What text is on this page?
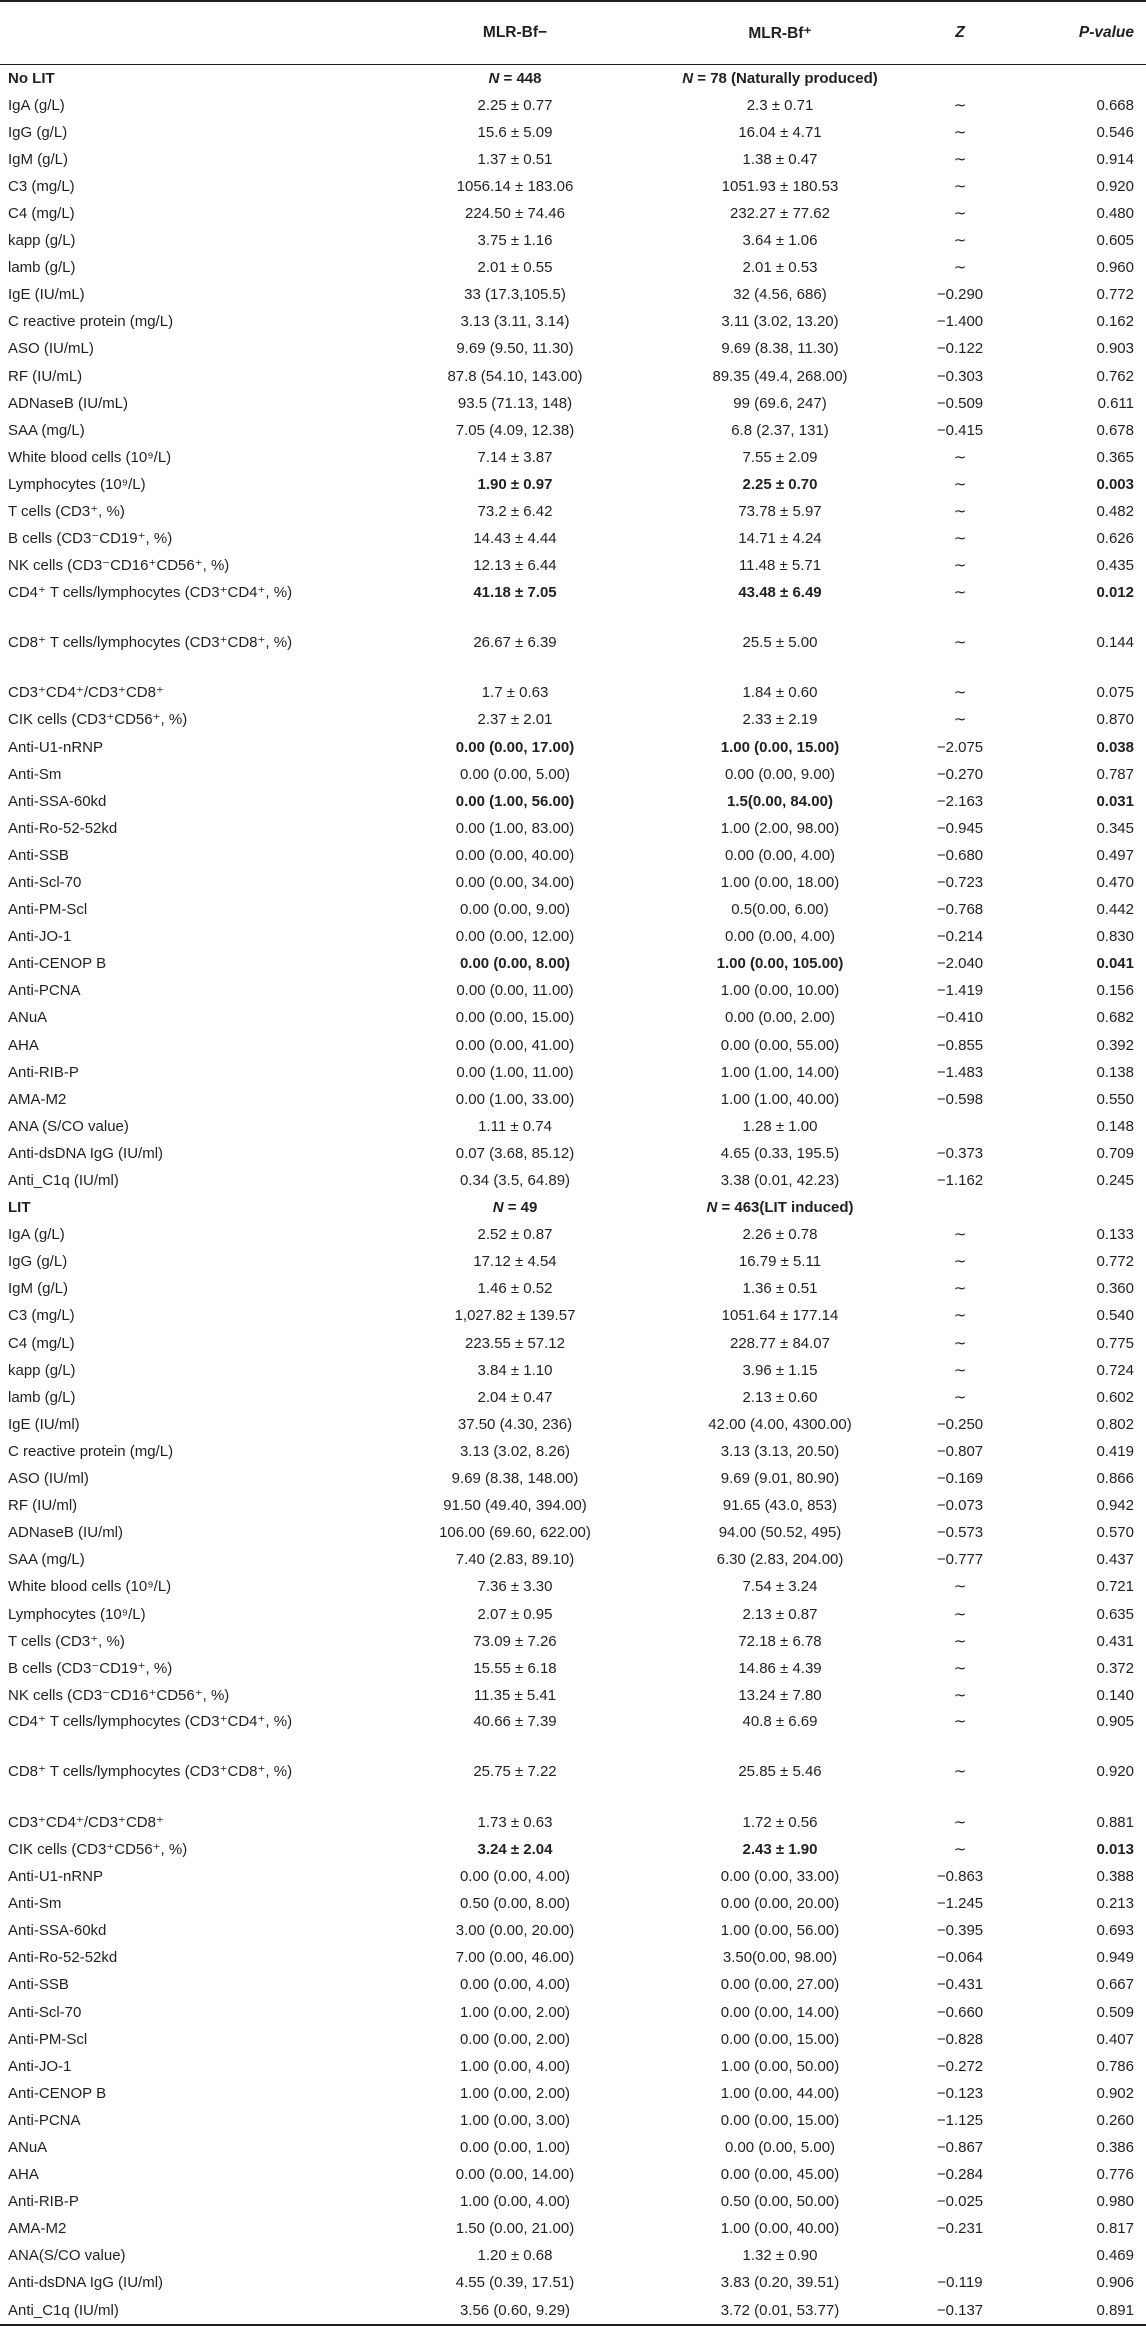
	MLR-Bf−	MLR-Bf⁺	Z	P-value
No LIT	N = 448	N = 78 (Naturally produced)		
IgA (g/L)	2.25 ± 0.77	2.3 ± 0.71	∼	0.668
IgG (g/L)	15.6 ± 5.09	16.04 ± 4.71	∼	0.546
IgM (g/L)	1.37 ± 0.51	1.38 ± 0.47	∼	0.914
C3 (mg/L)	1056.14 ± 183.06	1051.93 ± 180.53	∼	0.920
C4 (mg/L)	224.50 ± 74.46	232.27 ± 77.62	∼	0.480
kapp (g/L)	3.75 ± 1.16	3.64 ± 1.06	∼	0.605
lamb (g/L)	2.01 ± 0.55	2.01 ± 0.53	∼	0.960
IgE (IU/mL)	33 (17.3,105.5)	32 (4.56, 686)	−0.290	0.772
C reactive protein (mg/L)	3.13 (3.11, 3.14)	3.11 (3.02, 13.20)	−1.400	0.162
ASO (IU/mL)	9.69 (9.50, 11.30)	9.69 (8.38, 11.30)	−0.122	0.903
RF (IU/mL)	87.8 (54.10, 143.00)	89.35 (49.4, 268.00)	−0.303	0.762
ADNaseB (IU/mL)	93.5 (71.13, 148)	99 (69.6, 247)	−0.509	0.611
SAA (mg/L)	7.05 (4.09, 12.38)	6.8 (2.37, 131)	−0.415	0.678
White blood cells (10⁹/L)	7.14 ± 3.87	7.55 ± 2.09	∼	0.365
Lymphocytes (10⁹/L)	1.90 ± 0.97	2.25 ± 0.70	∼	0.003
T cells (CD3⁺, %)	73.2 ± 6.42	73.78 ± 5.97	∼	0.482
B cells (CD3⁻CD19⁺, %)	14.43 ± 4.44	14.71 ± 4.24	∼	0.626
NK cells (CD3⁻CD16⁺CD56⁺, %)	12.13 ± 6.44	11.48 ± 5.71	∼	0.435
CD4⁺ T cells/lymphocytes (CD3⁺CD4⁺, %)	41.18 ± 7.05	43.48 ± 6.49	∼	0.012
CD8⁺ T cells/lymphocytes (CD3⁺CD8⁺, %)	26.67 ± 6.39	25.5 ± 5.00	∼	0.144
CD3⁺CD4⁺/CD3⁺CD8⁺	1.7 ± 0.63	1.84 ± 0.60	∼	0.075
CIK cells (CD3⁺CD56⁺, %)	2.37 ± 2.01	2.33 ± 2.19	∼	0.870
Anti-U1-nRNP	0.00 (0.00, 17.00)	1.00 (0.00, 15.00)	−2.075	0.038
Anti-Sm	0.00 (0.00, 5.00)	0.00 (0.00, 9.00)	−0.270	0.787
Anti-SSA-60kd	0.00 (1.00, 56.00)	1.5(0.00, 84.00)	−2.163	0.031
Anti-Ro-52-52kd	0.00 (1.00, 83.00)	1.00 (2.00, 98.00)	−0.945	0.345
Anti-SSB	0.00 (0.00, 40.00)	0.00 (0.00, 4.00)	−0.680	0.497
Anti-Scl-70	0.00 (0.00, 34.00)	1.00 (0.00, 18.00)	−0.723	0.470
Anti-PM-Scl	0.00 (0.00, 9.00)	0.5(0.00, 6.00)	−0.768	0.442
Anti-JO-1	0.00 (0.00, 12.00)	0.00 (0.00, 4.00)	−0.214	0.830
Anti-CENOP B	0.00 (0.00, 8.00)	1.00 (0.00, 105.00)	−2.040	0.041
Anti-PCNA	0.00 (0.00, 11.00)	1.00 (0.00, 10.00)	−1.419	0.156
ANuA	0.00 (0.00, 15.00)	0.00 (0.00, 2.00)	−0.410	0.682
AHA	0.00 (0.00, 41.00)	0.00 (0.00, 55.00)	−0.855	0.392
Anti-RIB-P	0.00 (1.00, 11.00)	1.00 (1.00, 14.00)	−1.483	0.138
AMA-M2	0.00 (1.00, 33.00)	1.00 (1.00, 40.00)	−0.598	0.550
ANA (S/CO value)	1.11 ± 0.74	1.28 ± 1.00		0.148
Anti-dsDNA IgG (IU/ml)	0.07 (3.68, 85.12)	4.65 (0.33, 195.5)	−0.373	0.709
Anti_C1q (IU/ml)	0.34 (3.5, 64.89)	3.38 (0.01, 42.23)	−1.162	0.245
LIT	N = 49	N = 463(LIT induced)		
IgA (g/L)	2.52 ± 0.87	2.26 ± 0.78	∼	0.133
IgG (g/L)	17.12 ± 4.54	16.79 ± 5.11	∼	0.772
IgM (g/L)	1.46 ± 0.52	1.36 ± 0.51	∼	0.360
C3 (mg/L)	1,027.82 ± 139.57	1051.64 ± 177.14	∼	0.540
C4 (mg/L)	223.55 ± 57.12	228.77 ± 84.07	∼	0.775
kapp (g/L)	3.84 ± 1.10	3.96 ± 1.15	∼	0.724
lamb (g/L)	2.04 ± 0.47	2.13 ± 0.60	∼	0.602
IgE (IU/ml)	37.50 (4.30, 236)	42.00 (4.00, 4300.00)	−0.250	0.802
C reactive protein (mg/L)	3.13 (3.02, 8.26)	3.13 (3.13, 20.50)	−0.807	0.419
ASO (IU/ml)	9.69 (8.38, 148.00)	9.69 (9.01, 80.90)	−0.169	0.866
RF (IU/ml)	91.50 (49.40, 394.00)	91.65 (43.0, 853)	−0.073	0.942
ADNaseB (IU/ml)	106.00 (69.60, 622.00)	94.00 (50.52, 495)	−0.573	0.570
SAA (mg/L)	7.40 (2.83, 89.10)	6.30 (2.83, 204.00)	−0.777	0.437
White blood cells (10⁹/L)	7.36 ± 3.30	7.54 ± 3.24	∼	0.721
Lymphocytes (10⁹/L)	2.07 ± 0.95	2.13 ± 0.87	∼	0.635
T cells (CD3⁺, %)	73.09 ± 7.26	72.18 ± 6.78	∼	0.431
B cells (CD3⁻CD19⁺, %)	15.55 ± 6.18	14.86 ± 4.39	∼	0.372
NK cells (CD3⁻CD16⁺CD56⁺, %)	11.35 ± 5.41	13.24 ± 7.80	∼	0.140
CD4⁺ T cells/lymphocytes (CD3⁺CD4⁺, %)	40.66 ± 7.39	40.8 ± 6.69	∼	0.905
CD8⁺ T cells/lymphocytes (CD3⁺CD8⁺, %)	25.75 ± 7.22	25.85 ± 5.46	∼	0.920
CD3⁺CD4⁺/CD3⁺CD8⁺	1.73 ± 0.63	1.72 ± 0.56	∼	0.881
CIK cells (CD3⁺CD56⁺, %)	3.24 ± 2.04	2.43 ± 1.90	∼	0.013
Anti-U1-nRNP	0.00 (0.00, 4.00)	0.00 (0.00, 33.00)	−0.863	0.388
Anti-Sm	0.50 (0.00, 8.00)	0.00 (0.00, 20.00)	−1.245	0.213
Anti-SSA-60kd	3.00 (0.00, 20.00)	1.00 (0.00, 56.00)	−0.395	0.693
Anti-Ro-52-52kd	7.00 (0.00, 46.00)	3.50(0.00, 98.00)	−0.064	0.949
Anti-SSB	0.00 (0.00, 4.00)	0.00 (0.00, 27.00)	−0.431	0.667
Anti-Scl-70	1.00 (0.00, 2.00)	0.00 (0.00, 14.00)	−0.660	0.509
Anti-PM-Scl	0.00 (0.00, 2.00)	0.00 (0.00, 15.00)	−0.828	0.407
Anti-JO-1	1.00 (0.00, 4.00)	1.00 (0.00, 50.00)	−0.272	0.786
Anti-CENOP B	1.00 (0.00, 2.00)	1.00 (0.00, 44.00)	−0.123	0.902
Anti-PCNA	1.00 (0.00, 3.00)	0.00 (0.00, 15.00)	−1.125	0.260
ANuA	0.00 (0.00, 1.00)	0.00 (0.00, 5.00)	−0.867	0.386
AHA	0.00 (0.00, 14.00)	0.00 (0.00, 45.00)	−0.284	0.776
Anti-RIB-P	1.00 (0.00, 4.00)	0.50 (0.00, 50.00)	−0.025	0.980
AMA-M2	1.50 (0.00, 21.00)	1.00 (0.00, 40.00)	−0.231	0.817
ANA(S/CO value)	1.20 ± 0.68	1.32 ± 0.90		0.469
Anti-dsDNA IgG (IU/ml)	4.55 (0.39, 17.51)	3.83 (0.20, 39.51)	−0.119	0.906
Anti_C1q (IU/ml)	3.56 (0.60, 9.29)	3.72 (0.01, 53.77)	−0.137	0.891
